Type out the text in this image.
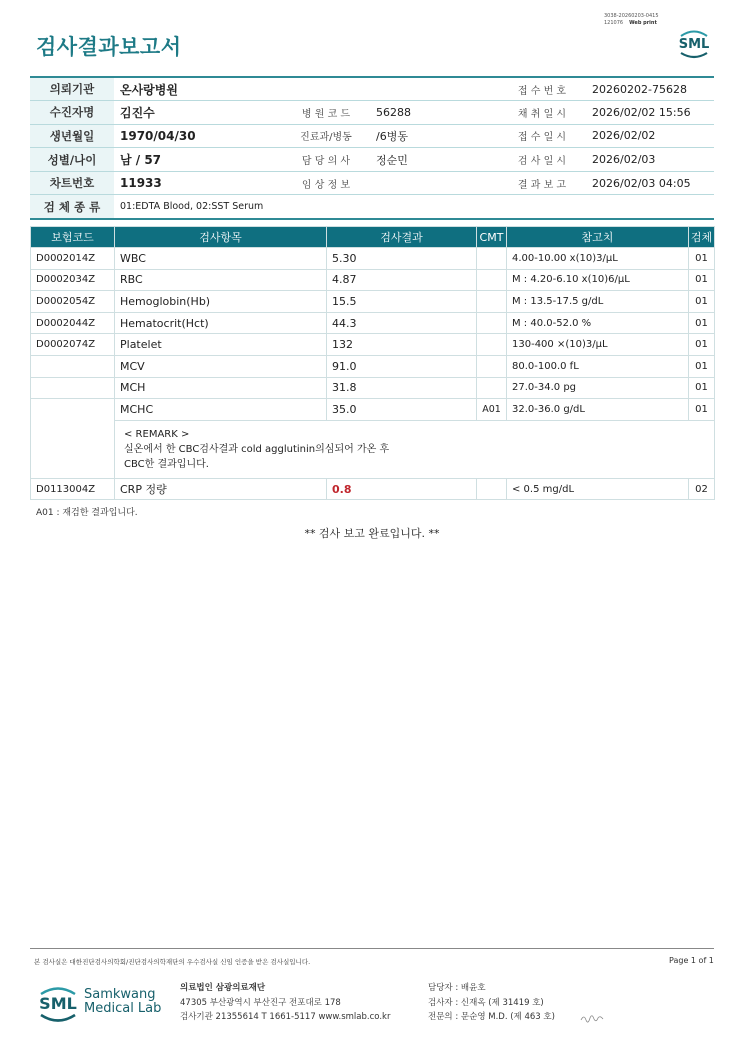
3038-20260203-0415
121076 Web print
검사결과보고서	SML
의뢰기관	온사랑병원			접 수 번 호	20260202-75628
수진자명	김진수	병 원 코 드	56288	채 취 일 시	2026/02/02 15:56
생년월일	1970/04/30	진료과/병동	/6병동	접 수 일 시	2026/02/02
성별/나이	남 / 57	담 당 의 사	정순민	검 사 일 시	2026/02/03
차트번호	11933	임 상 정 보		결 과 보 고	2026/02/03 04:05
검 체 종 류	01:EDTA Blood, 02:SST Serum				
보험코드	검사항목	검사결과	CMT	참고치	검체
D0002014Z	WBC	5.30		4.00-10.00 x(10)3/μL	01
D0002034Z	RBC	4.87		M : 4.20-6.10 x(10)6/μL	01
D0002054Z	Hemoglobin(Hb)	15.5		M : 13.5-17.5 g/dL	01
D0002044Z	Hematocrit(Hct)	44.3		M : 40.0-52.0 %	01
D0002074Z	Platelet	132		130-400 ×(10)3/μL	01
	MCV	91.0		80.0-100.0 fL	01
	MCH	31.8		27.0-34.0 pg	01
	MCHC	35.0	A01	32.0-36.0 g/dL	01

	< REMARK >
실온에서 한 CBC검사결과 cold agglutinin의심되어 가온 후
CBC한 결과입니다.				

D0113004Z	CRP 정량	0.8		< 0.5 mg/dL	02
A01 : 재검한 결과입니다.
** 검사 보고 완료입니다. **
본 검사실은 대한진단검사의학회/진단검사의학재단의 우수검사실 신임 인증을 받은 검사실입니다.	Page 1 of 1
SML Samkwang
Medical Lab
의료법인 삼광의료재단
47305 부산광역시 부산진구 전포대로 178
검사기관 21355614 T 1661-5117 www.smlab.co.kr
담당자 : 배윤호
검사자 : 신재옥 (제 31419 호)
전문의 : 문순영 M.D. (제 463 호)
